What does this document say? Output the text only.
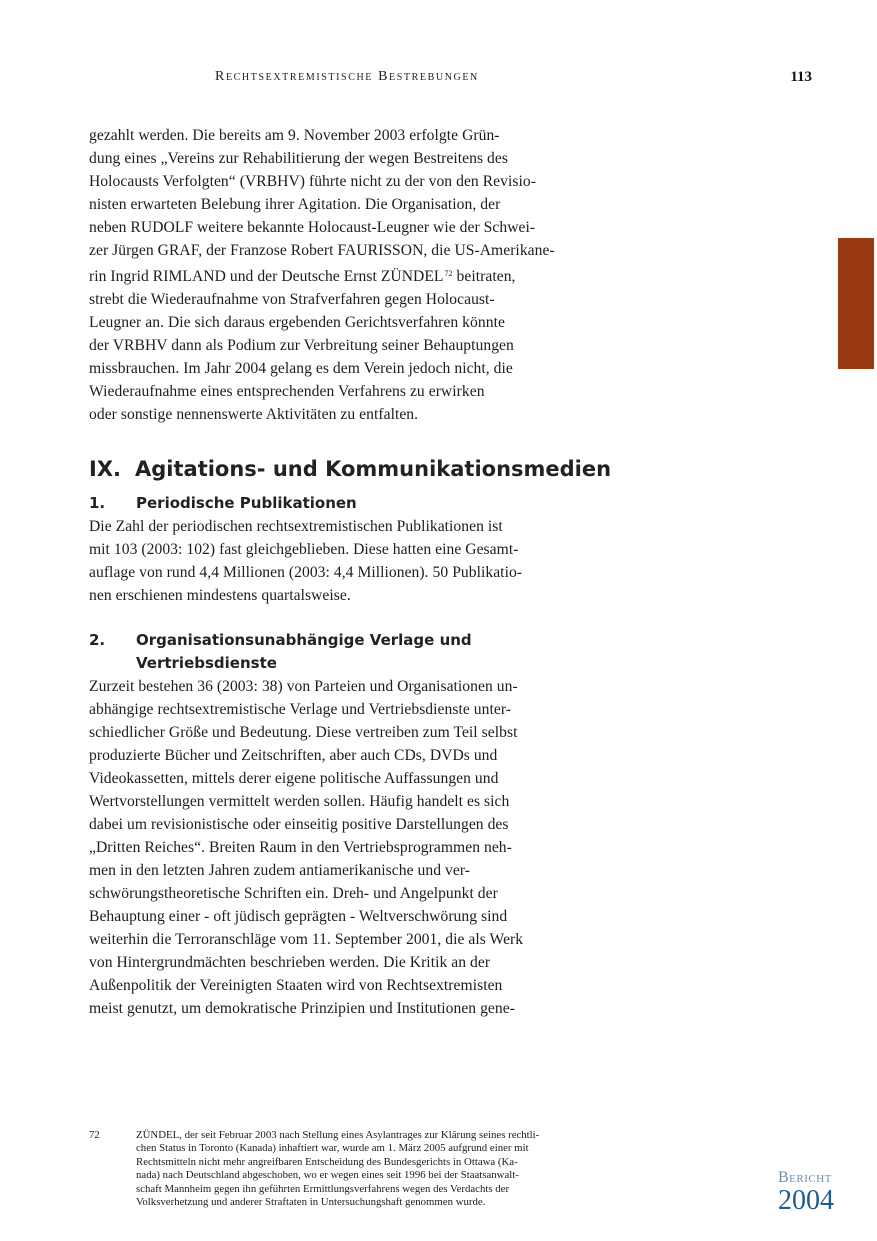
Rechtsextremistische Bestrebungen	113

gezahlt werden. Die bereits am 9. November 2003 erfolgte Grün-
dung eines „Vereins zur Rehabilitierung der wegen Bestreitens des
Holocausts Verfolgten“ (VRBHV) führte nicht zu der von den Revisio-
nisten erwarteten Belebung ihrer Agitation. Die Organisation, der
neben RUDOLF weitere bekannte Holocaust-Leugner wie der Schwei-
zer Jürgen GRAF, der Franzose Robert FAURISSON, die US-Amerikane-
rin Ingrid RIMLAND und der Deutsche Ernst ZÜNDEL$^{72}$ beitraten,
strebt die Wiederaufnahme von Strafverfahren gegen Holocaust-
Leugner an. Die sich daraus ergebenden Gerichtsverfahren könnte
der VRBHV dann als Podium zur Verbreitung seiner Behauptungen
missbrauchen. Im Jahr 2004 gelang es dem Verein jedoch nicht, die
Wiederaufnahme eines entsprechenden Verfahrens zu erwirken
oder sonstige nennenswerte Aktivitäten zu entfalten.

IX. Agitations- und Kommunikationsmedien
1.	Periodische Publikationen

Die Zahl der periodischen rechtsextremistischen Publikationen ist
mit 103 (2003: 102) fast gleichgeblieben. Diese hatten eine Gesamt-
auflage von rund 4,4 Millionen (2003: 4,4 Millionen). 50 Publikatio-
nen erschienen mindestens quartalsweise.

2.	Organisationsunabhängige Verlage und
Vertriebsdienste

Zurzeit bestehen 36 (2003: 38) von Parteien und Organisationen un-
abhängige rechtsextremistische Verlage und Vertriebsdienste unter-
schiedlicher Größe und Bedeutung. Diese vertreiben zum Teil selbst
produzierte Bücher und Zeitschriften, aber auch CDs, DVDs und
Videokassetten, mittels derer eigene politische Auffassungen und
Wertvorstellungen vermittelt werden sollen. Häufig handelt es sich
dabei um revisionistische oder einseitig positive Darstellungen des
„Dritten Reiches“. Breiten Raum in den Vertriebsprogrammen neh-
men in den letzten Jahren zudem antiamerikanische und ver-
schwörungstheoretische Schriften ein. Dreh- und Angelpunkt der
Behauptung einer - oft jüdisch geprägten - Weltverschwörung sind
weiterhin die Terroranschläge vom 11. September 2001, die als Werk
von Hintergrundmächten beschrieben werden. Die Kritik an der
Außenpolitik der Vereinigten Staaten wird von Rechtsextremisten
meist genutzt, um demokratische Prinzipien und Institutionen gene-

72	ZÜNDEL, der seit Februar 2003 nach Stellung eines Asylantrages zur Klärung seines rechtli-
chen Status in Toronto (Kanada) inhaftiert war, wurde am 1. März 2005 aufgrund einer mit
Rechtsmitteln nicht mehr angreifbaren Entscheidung des Bundesgerichts in Ottawa (Ka-
nada) nach Deutschland abgeschoben, wo er wegen eines seit 1996 bei der Staatsanwalt-
schaft Mannheim gegen ihn geführten Ermittlungsverfahrens wegen des Verdachts der
Volksverhetzung und anderer Straftaten in Untersuchungshaft genommen wurde.
Bericht
2004
